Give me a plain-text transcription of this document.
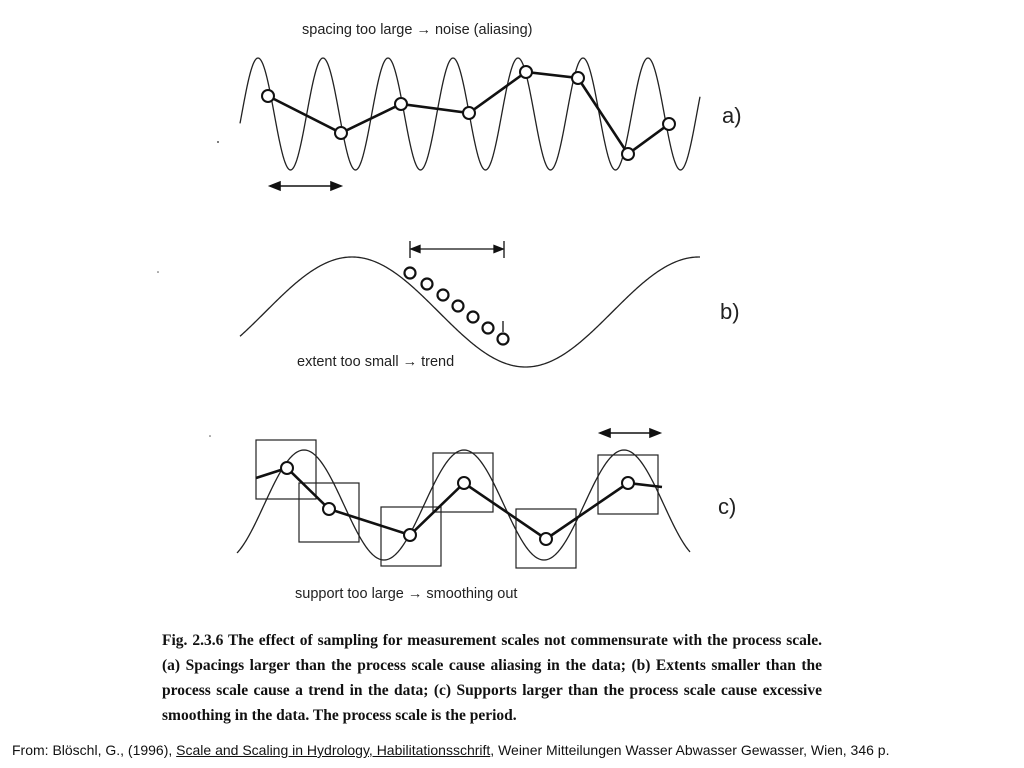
spacing too large → noise (aliasing)
a)
extent too small → trend
b)
support too large → smoothing out
c)
Fig. 2.3.6 The effect of sampling for measurement scales not commensurate with the process scale. (a) Spacings larger than the process scale cause aliasing in the data; (b) Extents smaller than the process scale cause a trend in the data; (c) Supports larger than the process scale cause excessive smoothing in the data. The process scale is the period.
From: Blöschl, G., (1996), Scale and Scaling in Hydrology, Habilitationsschrift, Weiner Mitteilungen Wasser Abwasser Gewasser, Wien, 346 p.
